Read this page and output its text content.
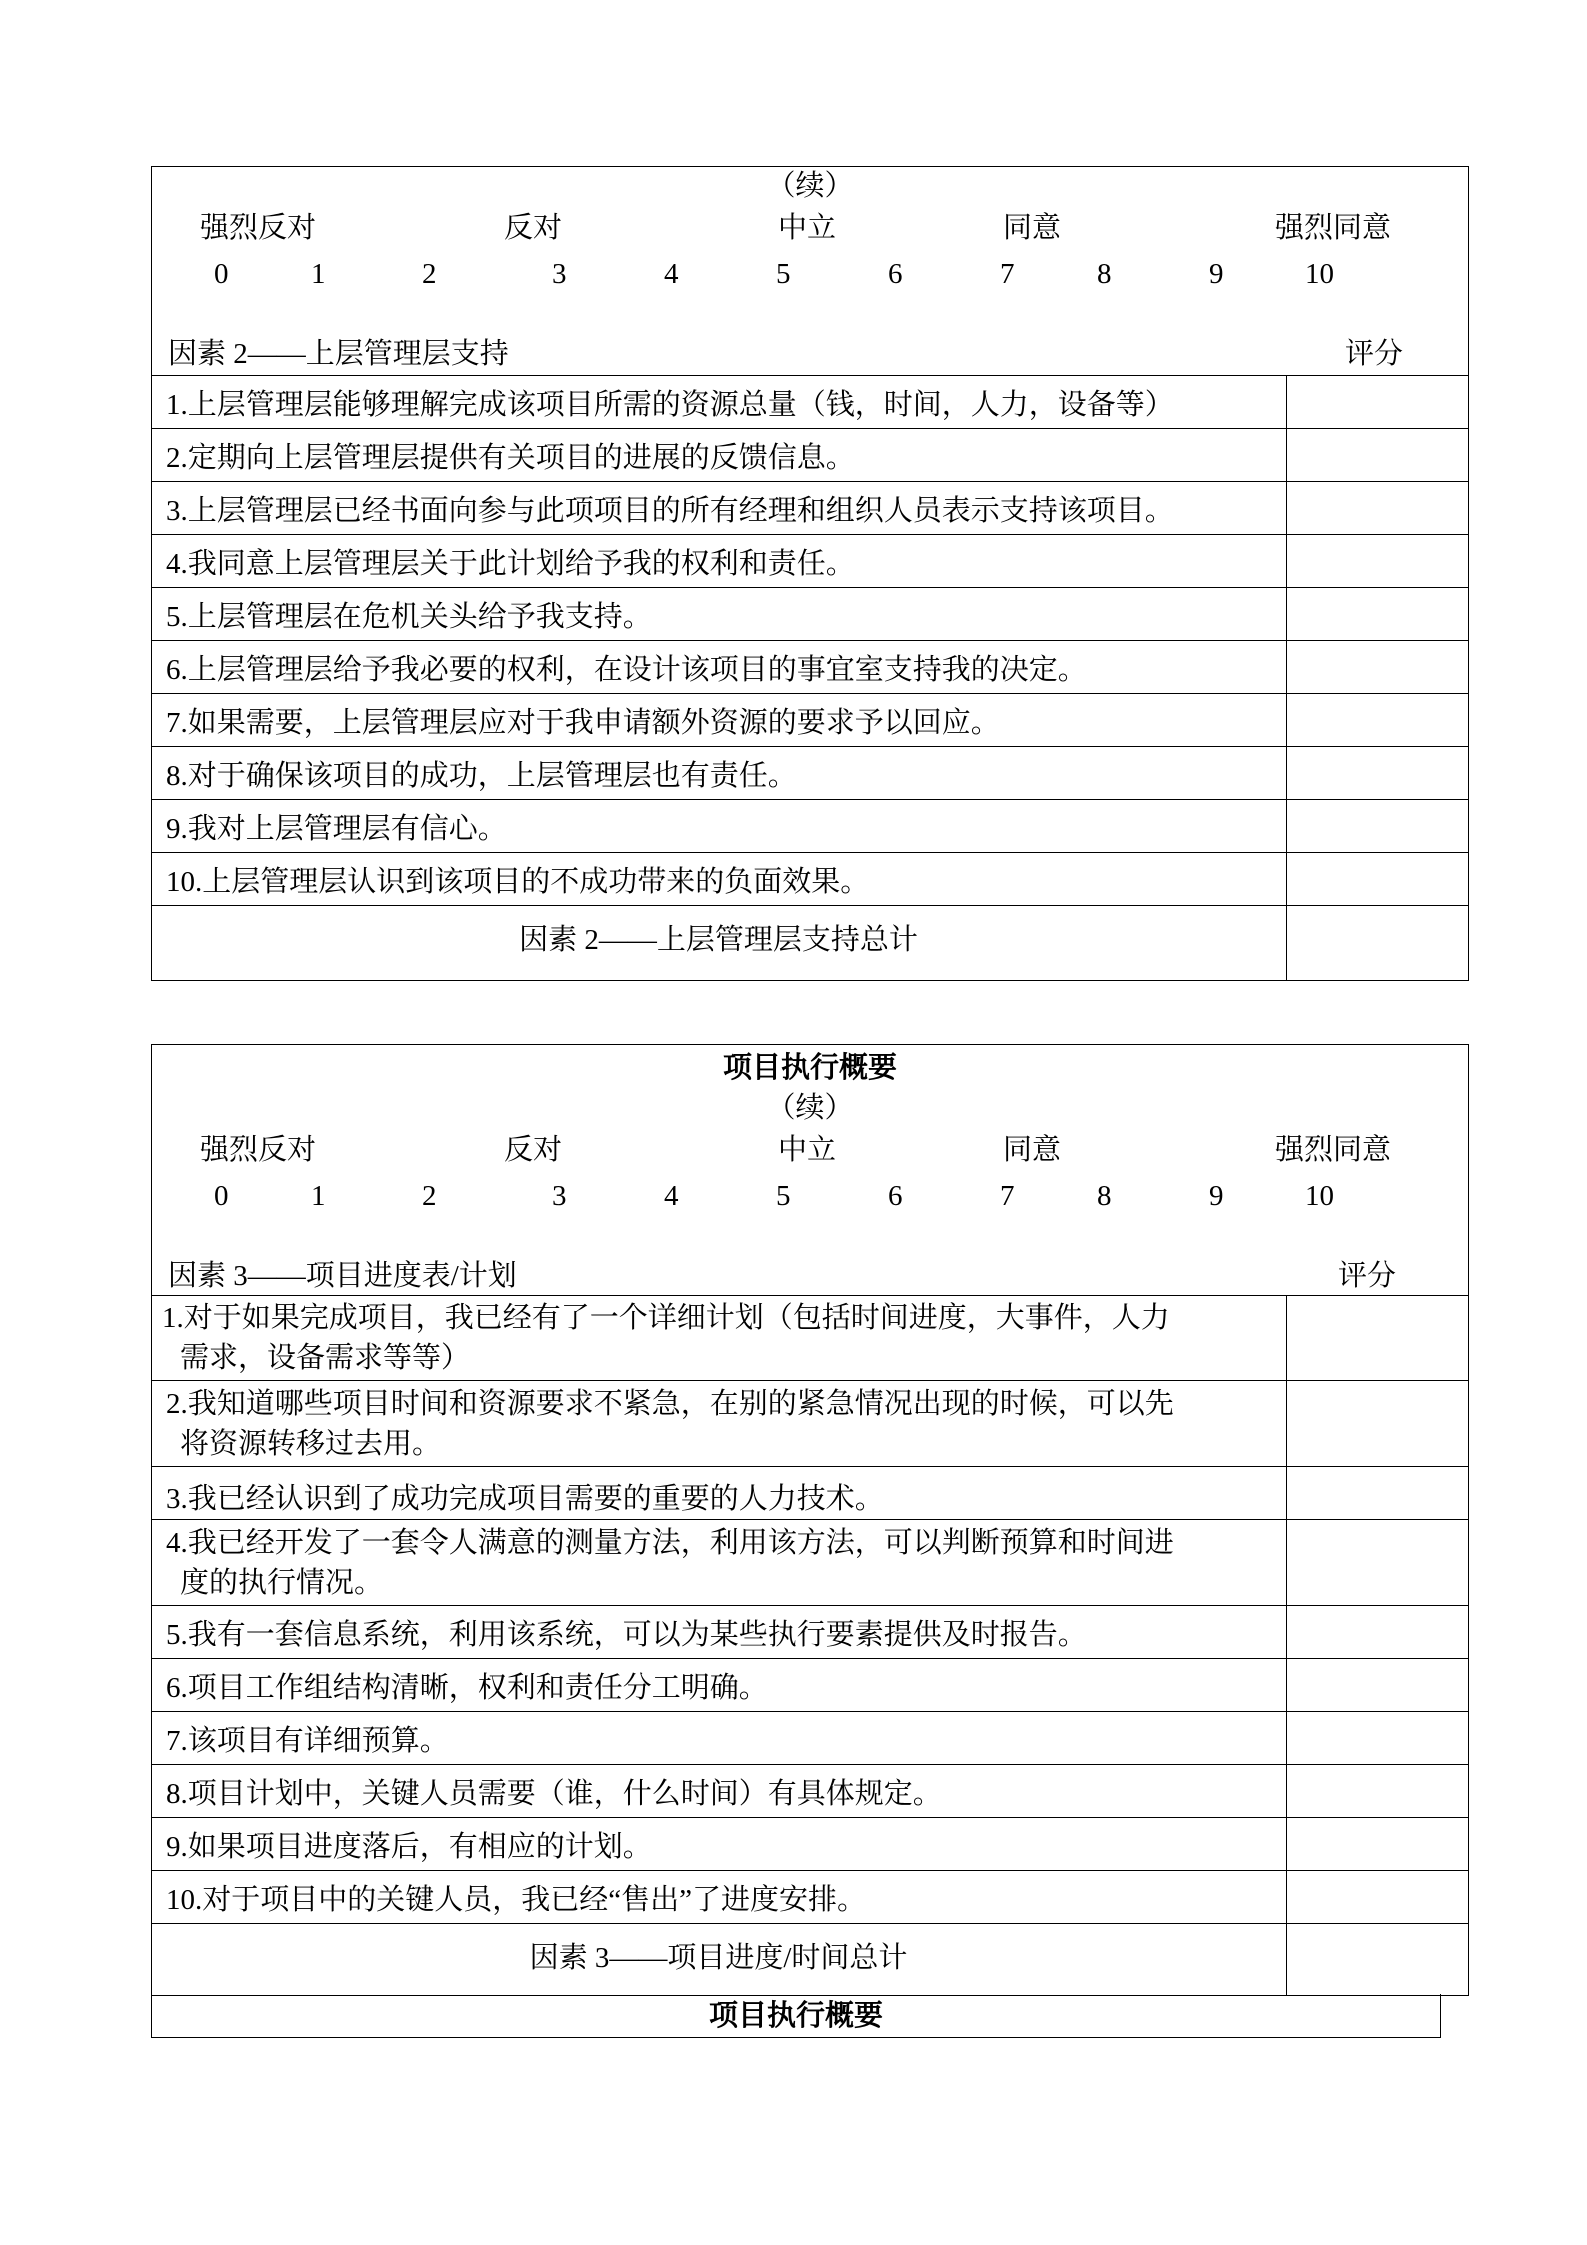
（续）
强烈反对	反对	中立	同意	强烈同意
0	1	2	3	4	5	6	7	8	9	10
因素 2——上层管理层支持	评分
1.上层管理层能够理解完成该项目所需的资源总量（钱，时间，人力，设备等）
2.定期向上层管理层提供有关项目的进展的反馈信息。
3.上层管理层已经书面向参与此项项目的所有经理和组织人员表示支持该项目。
4.我同意上层管理层关于此计划给予我的权利和责任。
5.上层管理层在危机关头给予我支持。
6.上层管理层给予我必要的权利，在设计该项目的事宜室支持我的决定。
7.如果需要，上层管理层应对于我申请额外资源的要求予以回应。
8.对于确保该项目的成功，上层管理层也有责任。
9.我对上层管理层有信心。
10.上层管理层认识到该项目的不成功带来的负面效果。
因素 2——上层管理层支持总计
项目执行概要
（续）
强烈反对	反对	中立	同意	强烈同意
0	1	2	3	4	5	6	7	8	9	10
因素 3——项目进度表/计划	评分
1.对于如果完成项目，我已经有了一个详细计划（包括时间进度，大事件，人力
需求，设备需求等等）
2.我知道哪些项目时间和资源要求不紧急，在别的紧急情况出现的时候，可以先
将资源转移过去用。
3.我已经认识到了成功完成项目需要的重要的人力技术。
4.我已经开发了一套令人满意的测量方法，利用该方法，可以判断预算和时间进
度的执行情况。
5.我有一套信息系统，利用该系统，可以为某些执行要素提供及时报告。
6.项目工作组结构清晰，权利和责任分工明确。
7.该项目有详细预算。
8.项目计划中，关键人员需要（谁，什么时间）有具体规定。
9.如果项目进度落后，有相应的计划。
10.对于项目中的关键人员，我已经“售出”了进度安排。
因素 3——项目进度/时间总计
项目执行概要
